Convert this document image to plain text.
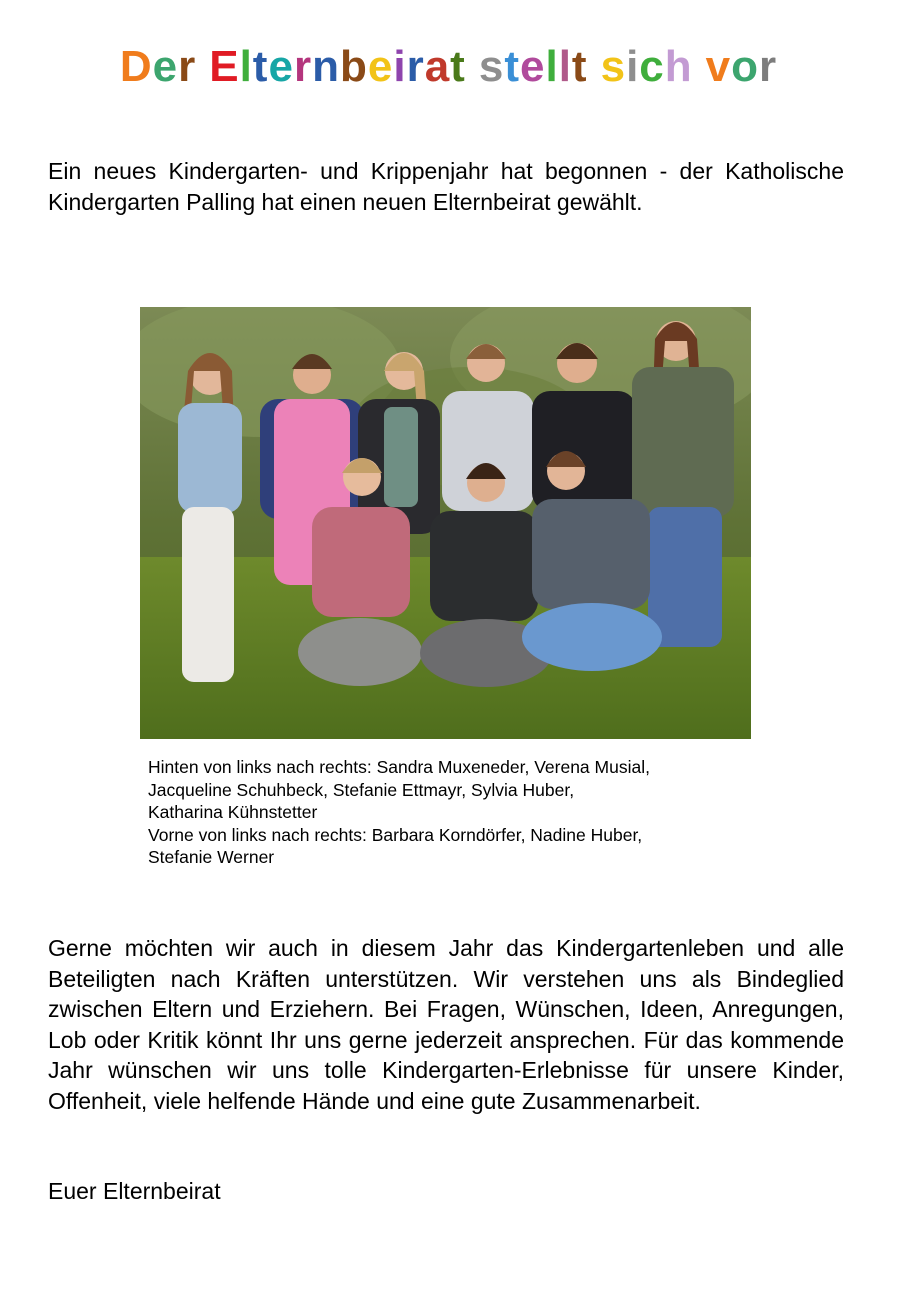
Der Elternbeirat stellt sich vor

Ein neues Kindergarten- und Krippenjahr hat begonnen - der Katholische Kindergarten Palling hat einen neuen Elternbeirat gewählt.

Hinten von links nach rechts: Sandra Muxeneder, Verena Musial,
Jacqueline Schuhbeck, Stefanie Ettmayr, Sylvia Huber,
Katharina Kühnstetter
Vorne von links nach rechts: Barbara Korndörfer, Nadine Huber,
Stefanie Werner

Gerne möchten wir auch in diesem Jahr das Kindergartenleben und alle Beteiligten nach Kräften unterstützen. Wir verstehen uns als Bindeglied zwischen Eltern und Erziehern. Bei Fragen, Wünschen, Ideen, Anregungen, Lob oder Kritik könnt Ihr uns gerne jederzeit ansprechen. Für das kommende Jahr wünschen wir uns tolle Kindergarten-Erlebnisse für unsere Kinder, Offenheit, viele helfende Hände und eine gute Zusammenarbeit.

Euer Elternbeirat
